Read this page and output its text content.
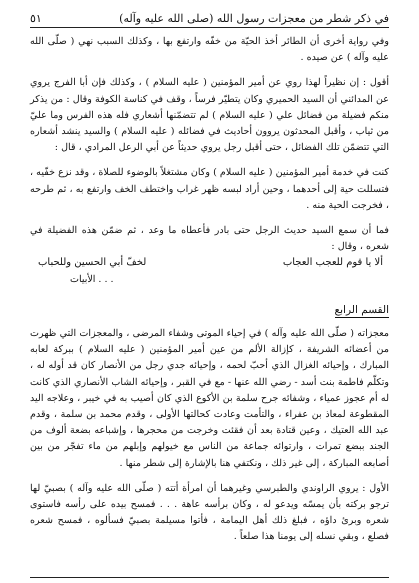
في ذكر شطر من معجزات رسول الله (صلى الله عليه وآله)
٥١

وفي رواية أخرى أن الطائر أخذ الحيّة من خفّه وارتفع بها ، وكذلك السبب نهي ( صلّى الله عليه وآله ) عن صيده .

أقول : إن نظيراً لهذا روي عن أمير المؤمنين ( عليه السلام ) ، وكذلك فإن أبا الفرج يروي عن المدائني أن السيد الحميري وكان يتطيّر فرساً ، وقف في كناسة الكوفة وقال : من يذكر منكم فضيلة من فضائل علي ( عليه السلام ) لم تتضمّنها أشعاري فله هذه الفرس وما عليّ من ثياب ، وأقبل المحدثون يروون أحاديث في فضائله ( عليه السلام ) والسيد ينشد أشعاره التي تتضمّن تلك الفضائل ، حتى أقبل رجل يروي حديثاً عن أبي الرعل المرادي ، قال :

كنت في خدمة أمير المؤمنين ( عليه السلام ) وكان مشتغلاً بالوضوء للصلاة ، وقد نزع خفّيه ، فتسللت حية إلى أحدهما ، وحين أراد لبسه ظهر غراب واختطف الخف وارتفع به ، ثم طرحه ، فخرجت الحية منه .

فما أن سمع السيد حديث الرجل حتى بادر فأعطاه ما وعد ، ثم ضمّن هذه الفضيلة في شعره ، وقال :

ألا يا قوم للعجب العجاب
لخفّ أبي الحسين وللحباب
. . . الأبيات
القسم الرابع

معجزاته ( صلّى الله عليه وآله ) في إحياء الموتى وشفاء المرضى ، والمعجزات التي ظهرت من أعضائه الشريفة ، كإزالة الألم من عين أمير المؤمنين ( عليه السلام ) ببركة لعابه المبارك ، وإحيائه الغزال الذي أحبّ لحمه ، وإحيائه جدي رجل من الأنصار كان قد أوله له ، وتكلّم فاطمة بنت أسد - رضي الله عنها - مع في القبر ، وإحيائه الشاب الأنصاري الذي كانت له أم عجوز عمياء ، وشفائه جرح سلمة بن الأكوع الذي كان أصيب به في خيبر ، وعلاجه اليد المقطوعة لمعاذ بن عفراء ، والتأمت وعادت كحالتها الأولى ، وقدم محمد بن سلمة ، وقدم عبد الله العتيك ، وعين قتادة بعد أن فقئت وخرجت من محجرها ، وإشباعه بضعة ألوف من الجند ببضع تمرات ، وارتوائه جماعة من الناس مع خيولهم وإبلهم من ماء تفجّر من بين أصابعه المباركة ، إلى غير ذلك ، ونكتفي هنا بالإشارة إلى شطر منها .

الأول : يروي الراوندي والطبرسي وغيرهما أن امرأة أتته ( صلّى الله عليه وآله ) بصبيّ لها ترجو بركته بأن يمسّه ويدعو له ، وكان برأسه عاهة . . . فمسح بيده على رأسه فاستوى شعره وبرئ داؤه ، فبلغ ذلك أهل اليمامة ، فأتوا مسيلمة بصبيّ فسألوه ، فمسح شعره فصلع ، وبقي نسله إلى يومنا هذا صلعاً .
